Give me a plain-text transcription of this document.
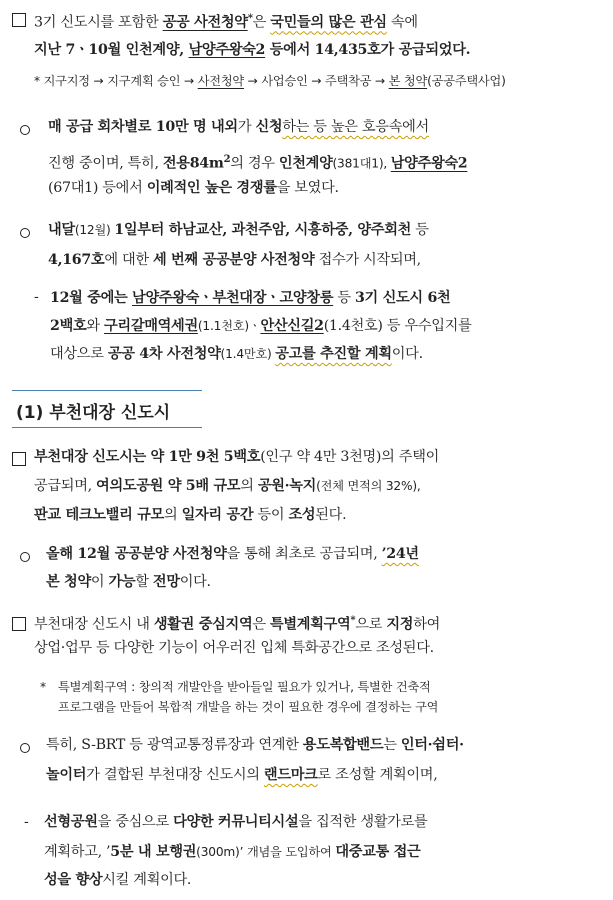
3기 신도시를 포함한 공공 사전청약*은 국민들의 많은 관심 속에
지난 7ㆍ10월 인천계양, 남양주왕숙2 등에서 14,435호가 공급되었다.
* 지구지정 → 지구계획 승인 → 사전청약 → 사업승인 → 주택착공 → 본 청약(공공주택사업)
매 공급 회차별로 10만 명 내외가 신청하는 등 높은 호응속에서
진행 중이며, 특히, 전용$84m^2$의 경우 인천계양(381대1), 남양주왕숙2
(67대1) 등에서 이례적인 높은 경쟁률을 보였다.
내달(12월) 1일부터 하남교산, 과천주암, 시흥하중, 양주회천 등
4,167호에 대한 세 번째 공공분양 사전청약 접수가 시작되며,
- 12월 중에는 남양주왕숙ㆍ부천대장ㆍ고양창릉 등 3기 신도시 6천
2백호와 구리갈매역세권(1.1천호)ㆍ안산신길2(1.4천호) 등 우수입지를
대상으로 공공 4차 사전청약(1.4만호) 공고를 추진할 계획이다.
(1) 부천대장 신도시
부천대장 신도시는 약 1만 9천 5백호(인구 약 4만 3천명)의 주택이
공급되며, 여의도공원 약 5배 규모의 공원·녹지(전체 면적의 32%),
판교 테크노밸리 규모의 일자리 공간 등이 조성된다.
올해 12월 공공분양 사전청약을 통해 최초로 공급되며, ’24년
본 청약이 가능할 전망이다.
부천대장 신도시 내 생활권 중심지역은 특별계획구역*으로 지정하여
상업·업무 등 다양한 기능이 어우러진 입체 특화공간으로 조성된다.
* 특별계획구역 : 창의적 개발안을 받아들일 필요가 있거나, 특별한 건축적
프로그램을 만들어 복합적 개발을 하는 것이 필요한 경우에 결정하는 구역
특히, S-BRT 등 광역교통정류장과 연계한 용도복합밴드는 인터·쉼터·
놀이터가 결합된 부천대장 신도시의 랜드마크로 조성할 계획이며,
- 선형공원을 중심으로 다양한 커뮤니티시설을 집적한 생활가로를
계획하고, ’5분 내 보행권(300m)’ 개념을 도입하여 대중교통 접근
성을 향상시킬 계획이다.
